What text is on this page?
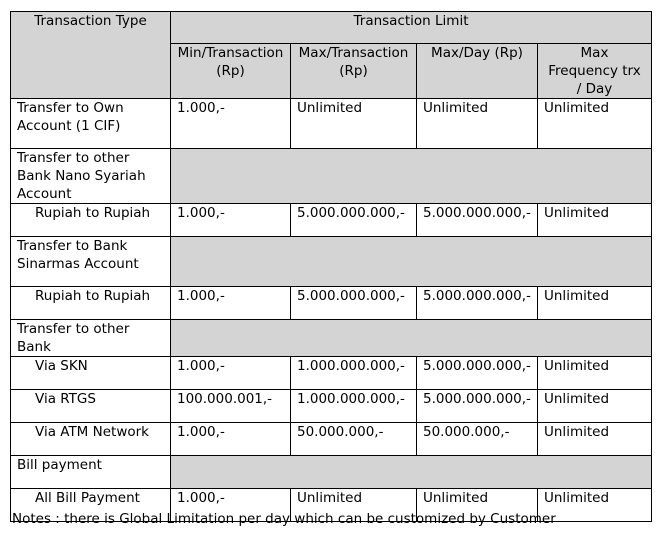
Transaction Type	Transaction Limit			
	Min/Transaction (Rp)	Max/Transaction (Rp)	Max/Day (Rp)	Max Frequency trx / Day
Transfer to Own Account (1 CIF)	1.000,-	Unlimited	Unlimited	Unlimited
Transfer to other Bank Nano Syariah Account				
Rupiah to Rupiah	1.000,-	5.000.000.000,-	5.000.000.000,-	Unlimited
Transfer to Bank Sinarmas Account				
Rupiah to Rupiah	1.000,-	5.000.000.000,-	5.000.000.000,-	Unlimited
Transfer to other Bank				
Via SKN	1.000,-	1.000.000.000,-	5.000.000.000,-	Unlimited
Via RTGS	100.000.001,-	1.000.000.000,-	5.000.000.000,-	Unlimited
Via ATM Network	1.000,-	50.000.000,-	50.000.000,-	Unlimited
Bill payment				
All Bill Payment	1.000,-	Unlimited	Unlimited	Unlimited
Notes : there is Global Limitation per day which can be customized by Customer
